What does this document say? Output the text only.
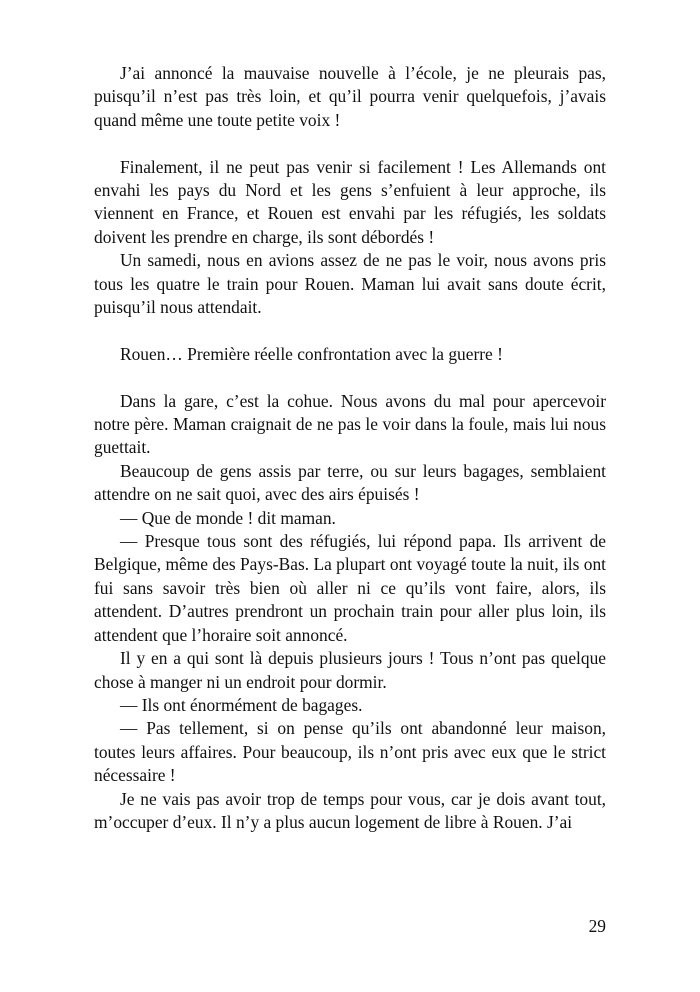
J’ai annoncé la mauvaise nouvelle à l’école, je ne pleurais pas, puisqu’il n’est pas très loin, et qu’il pourra venir quelquefois, j’avais quand même une toute petite voix !

Finalement, il ne peut pas venir si facilement ! Les Allemands ont envahi les pays du Nord et les gens s’enfuient à leur approche, ils viennent en France, et Rouen est envahi par les réfugiés, les soldats doivent les prendre en charge, ils sont débordés !

Un samedi, nous en avions assez de ne pas le voir, nous avons pris tous les quatre le train pour Rouen. Maman lui avait sans doute écrit, puisqu’il nous attendait.

Rouen… Première réelle confrontation avec la guerre !

Dans la gare, c’est la cohue. Nous avons du mal pour apercevoir notre père. Maman craignait de ne pas le voir dans la foule, mais lui nous guettait.

Beaucoup de gens assis par terre, ou sur leurs bagages, semblaient attendre on ne sait quoi, avec des airs épuisés !

— Que de monde ! dit maman.

— Presque tous sont des réfugiés, lui répond papa. Ils arrivent de Belgique, même des Pays-Bas. La plupart ont voyagé toute la nuit, ils ont fui sans savoir très bien où aller ni ce qu’ils vont faire, alors, ils attendent. D’autres prendront un prochain train pour aller plus loin, ils attendent que l’horaire soit annoncé.

Il y en a qui sont là depuis plusieurs jours ! Tous n’ont pas quelque chose à manger ni un endroit pour dormir.

— Ils ont énormément de bagages.

— Pas tellement, si on pense qu’ils ont abandonné leur maison, toutes leurs affaires. Pour beaucoup, ils n’ont pris avec eux que le strict nécessaire !

Je ne vais pas avoir trop de temps pour vous, car je dois avant tout, m’occuper d’eux. Il n’y a plus aucun logement de libre à Rouen. J’ai

29
